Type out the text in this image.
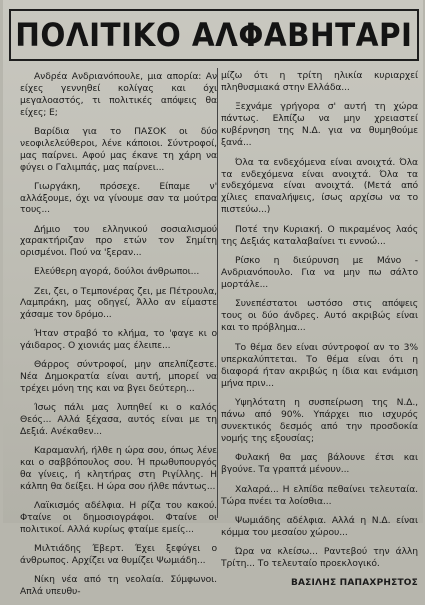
ΠΟΛΙΤΙΚΟ ΑΛΦΑΒΗΤΑΡΙ

Ανδρέα Ανδριανόπουλε, μια απορία: Αν είχες γεννηθεί κολίγας και όχι μεγαλοαστός, τι πολιτικές απόψεις θα είχες; Ε;

Βαρίδια για το ΠΑΣΟΚ οι δύο νεοφιλελεύθεροι, λένε κάποιοι. Σύντροφοί, μας παίρνει. Αφού μας έκανε τη χάρη να φύγει ο Γαλιμπάς, μας παίρνει...

Γιωργάκη, πρόσεχε. Είπαμε ν' αλλάξουμε, όχι να γίνουμε σαν τα μούτρα τους...

Δήμιο του ελληνικού σοσιαλισμού χαρακτήριζαν προ ετών τον Σημίτη ορισμένοι. Πού να 'ξεραν...

Ελεύθερη αγορά, δούλοι άνθρωποι...

Ζει, ζει, ο Τεμπονέρας ζει, με Πέτρουλα, Λαμπράκη, μας οδηγεί, Άλλο αν είμαστε χάσαμε τον δρόμο...

Ήταν στραβό το κλήμα, το 'φαγε κι ο γάιδαρος. Ο χιονιάς μας έλειπε...

Θάρρος σύντροφοί, μην απελπίζεστε. Νέα Δημοκρατία είναι αυτή, μπορεί να τρέχει μόνη της και να βγει δεύτερη...

Ίσως πάλι μας λυπηθεί κι ο καλός Θεός... Αλλά ξέχασα, αυτός είναι με τη Δεξιά. Ανέκαθεν...

Καραμανλή, ήλθε η ώρα σου, όπως λένε και ο σαββόπουλος σου. Ή πρωθυπουργός θα γίνεις, ή κλητήρας στη Ριγίλλης. Η κάλπη θα δείξει. Η ώρα σου ήλθε πάντως...

Λαϊκισμός αδέλφια. Η ρίζα του κακού. Φταίνε οι δημοσιογράφοι. Φταίνε οι πολιτικοί. Αλλά κυρίως φταίμε εμείς...

Μιλτιάδης Έβερτ. Έχει ξεφύγει ο άνθρωπος. Αρχίζει να θυμίζει Ψωμιάδη...

Νίκη νέα από τη νεολαία. Σύμφωνοι. Απλά υπευθυ-

μίζω ότι η τρίτη ηλικία κυριαρχεί πληθυσμιακά στην Ελλάδα...

Ξεχνάμε γρήγορα σ' αυτή τη χώρα πάντως. Ελπίζω να μην χρειαστεί κυβέρνηση της Ν.Δ. για να θυμηθούμε ξανά...

Όλα τα ενδεχόμενα είναι ανοιχτά. Όλα τα ενδεχόμενα είναι ανοιχτά. Όλα τα ενδεχόμενα είναι ανοιχτά. (Μετά από χίλιες επαναλήψεις, ίσως αρχίσω να το πιστεύω...)

Ποτέ την Κυριακή. Ο πικραμένος λαός της Δεξιάς καταλαβαίνει τι εννοώ...

Ρίσκο η διεύρυνση με Μάνο - Ανδριανόπουλο. Για να μην πω σάλτο μορτάλε...

Συνεπέστατοι ωστόσο στις απόψεις τους οι δύο άνδρες. Αυτό ακριβώς είναι και το πρόβλημα...

Το θέμα δεν είναι σύντροφοί αν το 3% υπερκαλύπτεται. Το θέμα είναι ότι η διαφορά ήταν ακριβώς η ίδια και ενάμιση μήνα πριν...

Υψηλότατη η συσπείρωση της Ν.Δ., πάνω από 90%. Υπάρχει πιο ισχυρός συνεκτικός δεσμός από την προσδοκία νομής της εξουσίας;

Φυλακή θα μας βάλουνε έτσι και βγούνε. Τα γραπτά μένουν...

Χαλαρά... Η ελπίδα πεθαίνει τελευταία. Τώρα πνέει τα λοίσθια...

Ψωμιάδης αδέλφια. Αλλά η Ν.Δ. είναι κόμμα του μεσαίου χώρου...

Ώρα να κλείσω... Ραντεβού την άλλη Τρίτη... Το τελευταίο προεκλογικό.

ΒΑΣΙΛΗΣ ΠΑΠΑΧΡΗΣΤΟΣ
